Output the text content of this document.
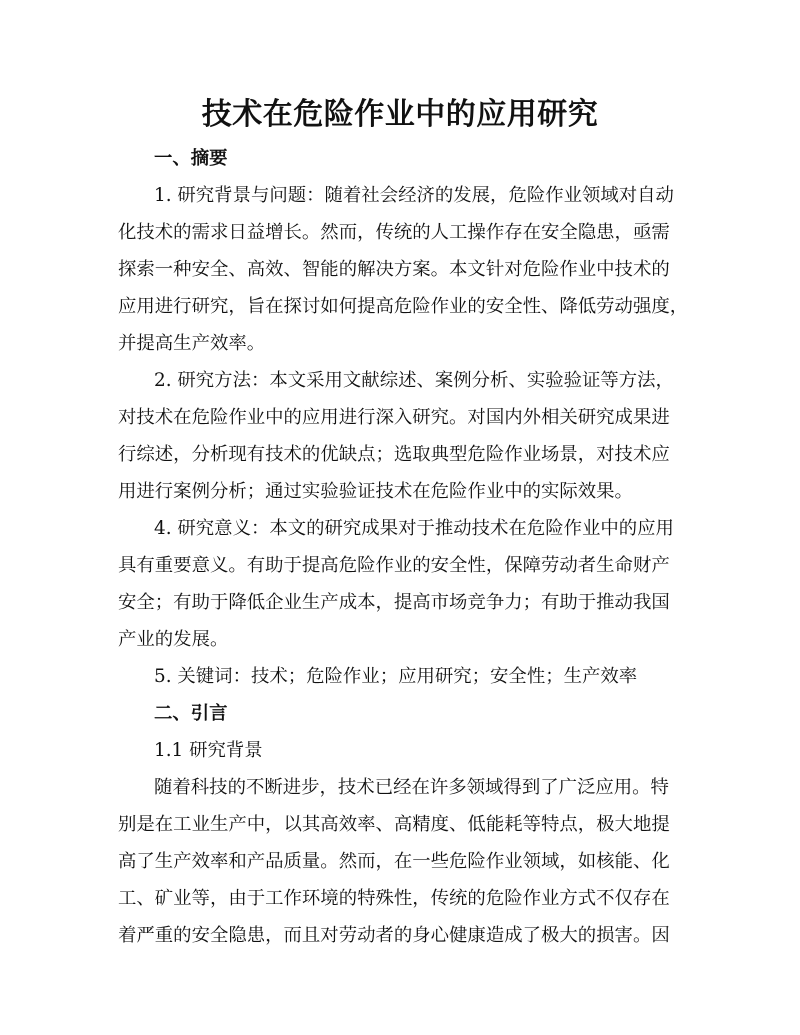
技术在危险作业中的应用研究
一、摘要
1. 研究背景与问题：随着社会经济的发展，危险作业领域对自动
化技术的需求日益增长。然而，传统的人工操作存在安全隐患，亟需
探索一种安全、高效、智能的解决方案。本文针对危险作业中技术的
应用进行研究，旨在探讨如何提高危险作业的安全性、降低劳动强度，
并提高生产效率。
2. 研究方法：本文采用文献综述、案例分析、实验验证等方法，
对技术在危险作业中的应用进行深入研究。对国内外相关研究成果进
行综述，分析现有技术的优缺点；选取典型危险作业场景，对技术应
用进行案例分析；通过实验验证技术在危险作业中的实际效果。
4. 研究意义：本文的研究成果对于推动技术在危险作业中的应用
具有重要意义。有助于提高危险作业的安全性，保障劳动者生命财产
安全；有助于降低企业生产成本，提高市场竞争力；有助于推动我国
产业的发展。
5. 关键词：技术；危险作业；应用研究；安全性；生产效率
二、引言
1.1 研究背景
随着科技的不断进步，技术已经在许多领域得到了广泛应用。特
别是在工业生产中，以其高效率、高精度、低能耗等特点，极大地提
高了生产效率和产品质量。然而，在一些危险作业领域，如核能、化
工、矿业等，由于工作环境的特殊性，传统的危险作业方式不仅存在
着严重的安全隐患，而且对劳动者的身心健康造成了极大的损害。因
